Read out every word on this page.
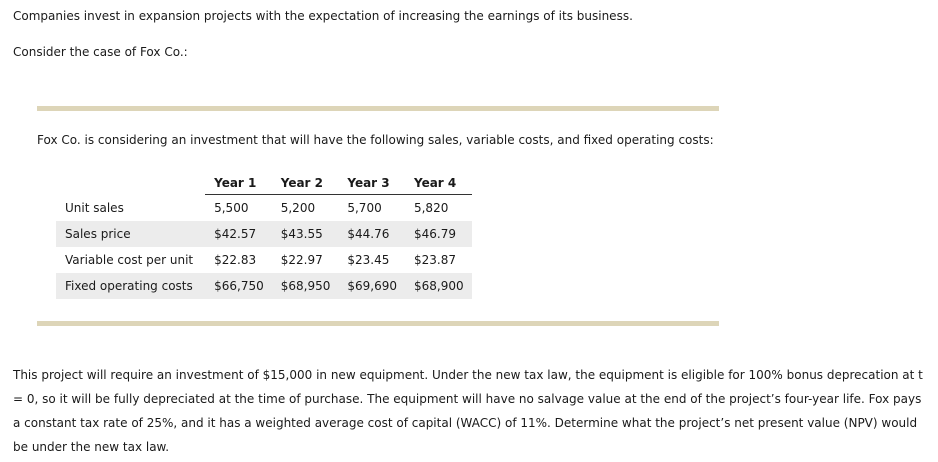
Companies invest in expansion projects with the expectation of increasing the earnings of its business.

Consider the case of Fox Co.:

Fox Co. is considering an investment that will have the following sales, variable costs, and fixed operating costs:

	Year 1	Year 2	Year 3	Year 4
Unit sales	5,500	5,200	5,700	5,820
Sales price	$42.57	$43.55	$44.76	$46.79
Variable cost per unit	$22.83	$22.97	$23.45	$23.87
Fixed operating costs	$66,750	$68,950	$69,690	$68,900

This project will require an investment of $15,000 in new equipment. Under the new tax law, the equipment is eligible for 100% bonus deprecation at t = 0, so it will be fully depreciated at the time of purchase. The equipment will have no salvage value at the end of the project’s four-year life. Fox pays a constant tax rate of 25%, and it has a weighted average cost of capital (WACC) of 11%. Determine what the project’s net present value (NPV) would be under the new tax law.
